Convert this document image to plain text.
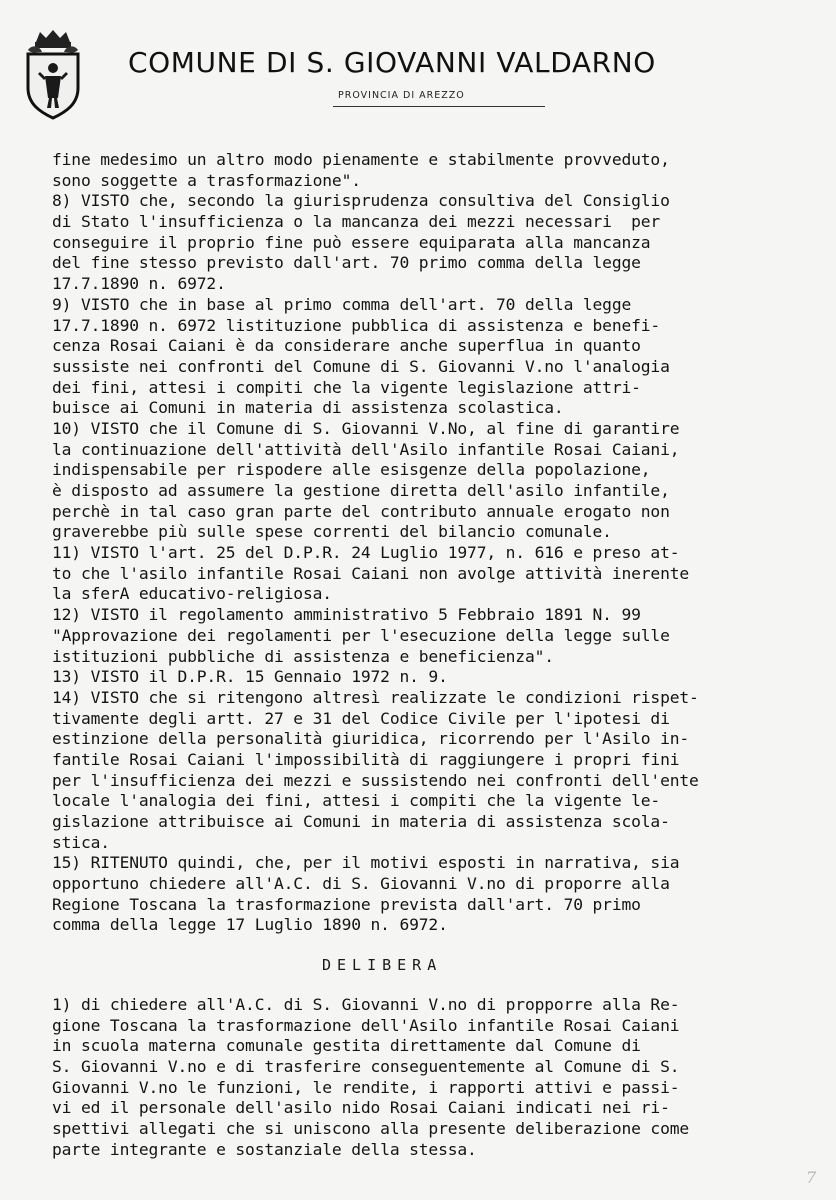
COMUNE DI S. GIOVANNI VALDARNO
PROVINCIA DI AREZZO
fine medesimo un altro modo pienamente e stabilmente provveduto,
sono soggette a trasformazione".
8) VISTO che, secondo la giurisprudenza consultiva del Consiglio
di Stato l'insufficienza o la mancanza dei mezzi necessari  per
conseguire il proprio fine può essere equiparata alla mancanza
del fine stesso previsto dall'art. 70 primo comma della legge
17.7.1890 n. 6972.
9) VISTO che in base al primo comma dell'art. 70 della legge
17.7.1890 n. 6972 listituzione pubblica di assistenza e benefi-
cenza Rosai Caiani è da considerare anche superflua in quanto
sussiste nei confronti del Comune di S. Giovanni V.no l'analogia
dei fini, attesi i compiti che la vigente legislazione attri-
buisce ai Comuni in materia di assistenza scolastica.
10) VISTO che il Comune di S. Giovanni V.No, al fine di garantire
la continuazione dell'attività dell'Asilo infantile Rosai Caiani,
indispensabile per rispodere alle esisgenze della popolazione,
è disposto ad assumere la gestione diretta dell'asilo infantile,
perchè in tal caso gran parte del contributo annuale erogato non
graverebbe più sulle spese correnti del bilancio comunale.
11) VISTO l'art. 25 del D.P.R. 24 Luglio 1977, n. 616 e preso at-
to che l'asilo infantile Rosai Caiani non avolge attività inerente
la sferA educativo-religiosa.
12) VISTO il regolamento amministrativo 5 Febbraio 1891 N. 99
"Approvazione dei regolamenti per l'esecuzione della legge sulle
istituzioni pubbliche di assistenza e beneficienza".
13) VISTO il D.P.R. 15 Gennaio 1972 n. 9.
14) VISTO che si ritengono altresì realizzate le condizioni rispet-
tivamente degli artt. 27 e 31 del Codice Civile per l'ipotesi di
estinzione della personalità giuridica, ricorrendo per l'Asilo in-
fantile Rosai Caiani l'impossibilità di raggiungere i propri fini
per l'insufficienza dei mezzi e sussistendo nei confronti dell'ente
locale l'analogia dei fini, attesi i compiti che la vigente le-
gislazione attribuisce ai Comuni in materia di assistenza scola-
stica.
15) RITENUTO quindi, che, per il motivi esposti in narrativa, sia
opportuno chiedere all'A.C. di S. Giovanni V.no di proporre alla
Regione Toscana la trasformazione prevista dall'art. 70 primo
comma della legge 17 Luglio 1890 n. 6972.
DELIBERA
1) di chiedere all'A.C. di S. Giovanni V.no di propporre alla Re-
gione Toscana la trasformazione dell'Asilo infantile Rosai Caiani
in scuola materna comunale gestita direttamente dal Comune di
S. Giovanni V.no e di trasferire conseguentemente al Comune di S.
Giovanni V.no le funzioni, le rendite, i rapporti attivi e passi-
vi ed il personale dell'asilo nido Rosai Caiani indicati nei ri-
spettivi allegati che si uniscono alla presente deliberazione come
parte integrante e sostanziale della stessa.
7
